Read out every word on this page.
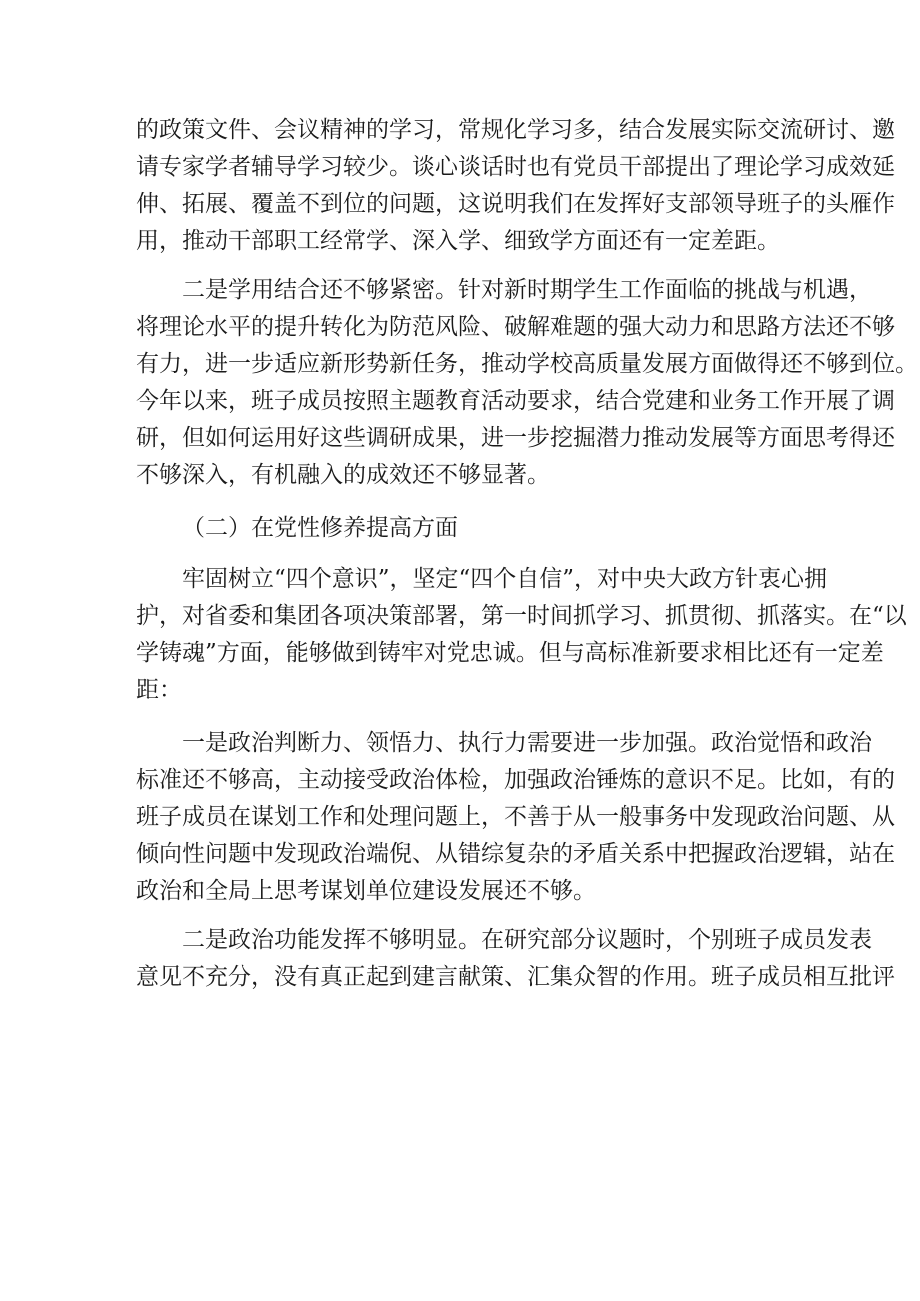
的政策文件、会议精神的学习，常规化学习多，结合发展实际交流研讨、邀
请专家学者辅导学习较少。谈心谈话时也有党员干部提出了理论学习成效延
伸、拓展、覆盖不到位的问题，这说明我们在发挥好支部领导班子的头雁作
用，推动干部职工经常学、深入学、细致学方面还有一定差距。
二是学用结合还不够紧密。针对新时期学生工作面临的挑战与机遇，
将理论水平的提升转化为防范风险、破解难题的强大动力和思路方法还不够
有力，进一步适应新形势新任务，推动学校高质量发展方面做得还不够到位。
今年以来，班子成员按照主题教育活动要求，结合党建和业务工作开展了调
研，但如何运用好这些调研成果，进一步挖掘潜力推动发展等方面思考得还
不够深入，有机融入的成效还不够显著。
（二）在党性修养提高方面
牢固树立“四个意识”，坚定“四个自信”，对中央大政方针衷心拥
护，对省委和集团各项决策部署，第一时间抓学习、抓贯彻、抓落实。在“以
学铸魂”方面，能够做到铸牢对党忠诚。但与高标准新要求相比还有一定差
距：
一是政治判断力、领悟力、执行力需要进一步加强。政治觉悟和政治
标准还不够高，主动接受政治体检，加强政治锤炼的意识不足。比如，有的
班子成员在谋划工作和处理问题上，不善于从一般事务中发现政治问题、从
倾向性问题中发现政治端倪、从错综复杂的矛盾关系中把握政治逻辑，站在
政治和全局上思考谋划单位建设发展还不够。
二是政治功能发挥不够明显。在研究部分议题时，个别班子成员发表
意见不充分，没有真正起到建言献策、汇集众智的作用。班子成员相互批评
